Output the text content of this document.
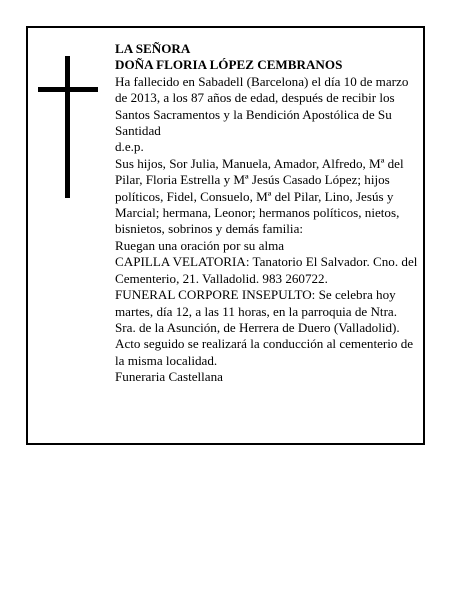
LA SEÑORA

DOÑA FLORIA LÓPEZ CEMBRANOS

Ha fallecido en Sabadell (Barcelona) el día 10 de marzo de 2013, a los 87 años de edad, después de recibir los Santos Sacramentos y la Bendición Apostólica de Su Santidad

d.e.p.

Sus hijos, Sor Julia, Manuela, Amador, Alfredo, Mª del Pilar, Floria Estrella y Mª Jesús Casado López; hijos políticos, Fidel, Consuelo, Mª del Pilar, Lino, Jesús y Marcial; hermana, Leonor; hermanos políticos, nietos, bisnietos, sobrinos y demás familia:

Ruegan una oración por su alma

CAPILLA VELATORIA: Tanatorio El Salvador. Cno. del Cementerio, 21. Valladolid. 983 260722.

FUNERAL CORPORE INSEPULTO: Se celebra hoy martes, día 12, a las 11 horas, en la parroquia de Ntra. Sra. de la Asunción, de Herrera de Duero (Valladolid). Acto seguido se realizará la conducción al cementerio de la misma localidad.

Funeraria Castellana
